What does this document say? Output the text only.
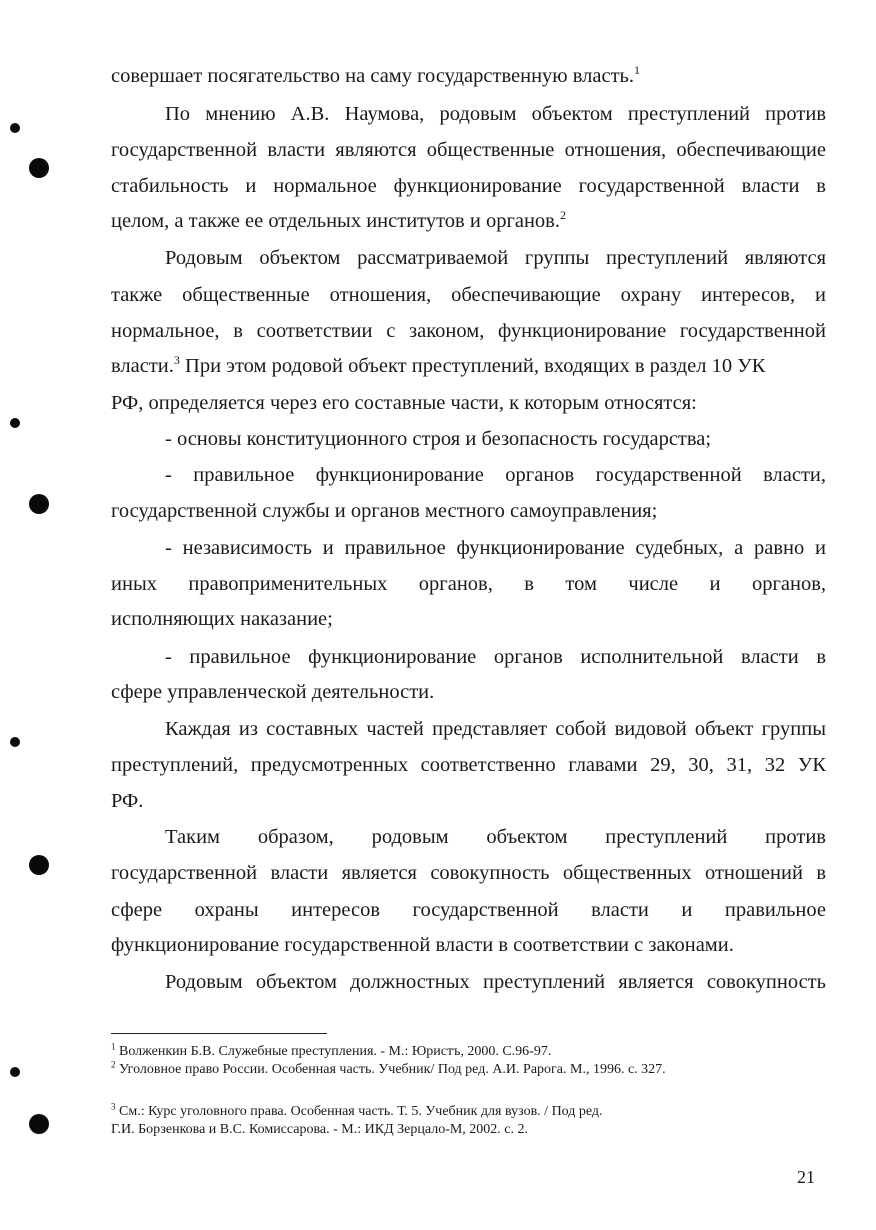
совершает посягательство на саму государственную власть.$^1$
По мнению А.В. Наумова, родовым объектом преступлений против
государственной власти являются общественные отношения, обеспечивающие
стабильность и нормальное функционирование государственной власти в
целом, а также ее отдельных институтов и органов.$^2$
Родовым объектом рассматриваемой группы преступлений являются
также общественные отношения, обеспечивающие охрану интересов, и
нормальное, в соответствии с законом, функционирование государственной
власти.$^3$ При этом родовой объект преступлений, входящих в раздел 10 УК
РФ, определяется через его составные части, к которым относятся:
- основы конституционного строя и безопасность государства;
- правильное функционирование органов государственной власти,
государственной службы и органов местного самоуправления;
- независимость и правильное функционирование судебных, а равно и
иных правоприменительных органов, в том числе и органов,
исполняющих наказание;
- правильное функционирование органов исполнительной власти в
сфере управленческой деятельности.
Каждая из составных частей представляет собой видовой объект группы
преступлений, предусмотренных соответственно главами 29, 30, 31, 32 УК
РФ.
Таким образом, родовым объектом преступлений против
государственной власти является совокупность общественных отношений в
сфере охраны интересов государственной власти и правильное
функционирование государственной власти в соответствии с законами.
Родовым объектом должностных преступлений является совокупность
$^1$ Волженкин Б.В. Служебные преступления. - М.: Юристъ, 2000. С.96-97.
$^2$ Уголовное право России. Особенная часть. Учебник/ Под ред. А.И. Рарога. М., 1996. с. 327.
$^3$ См.: Курс уголовного права. Особенная часть. Т. 5. Учебник для вузов. / Под ред.
Г.И. Борзенкова и В.С. Комиссарова. - М.: ИКД Зерцало-М, 2002. с. 2.
21
